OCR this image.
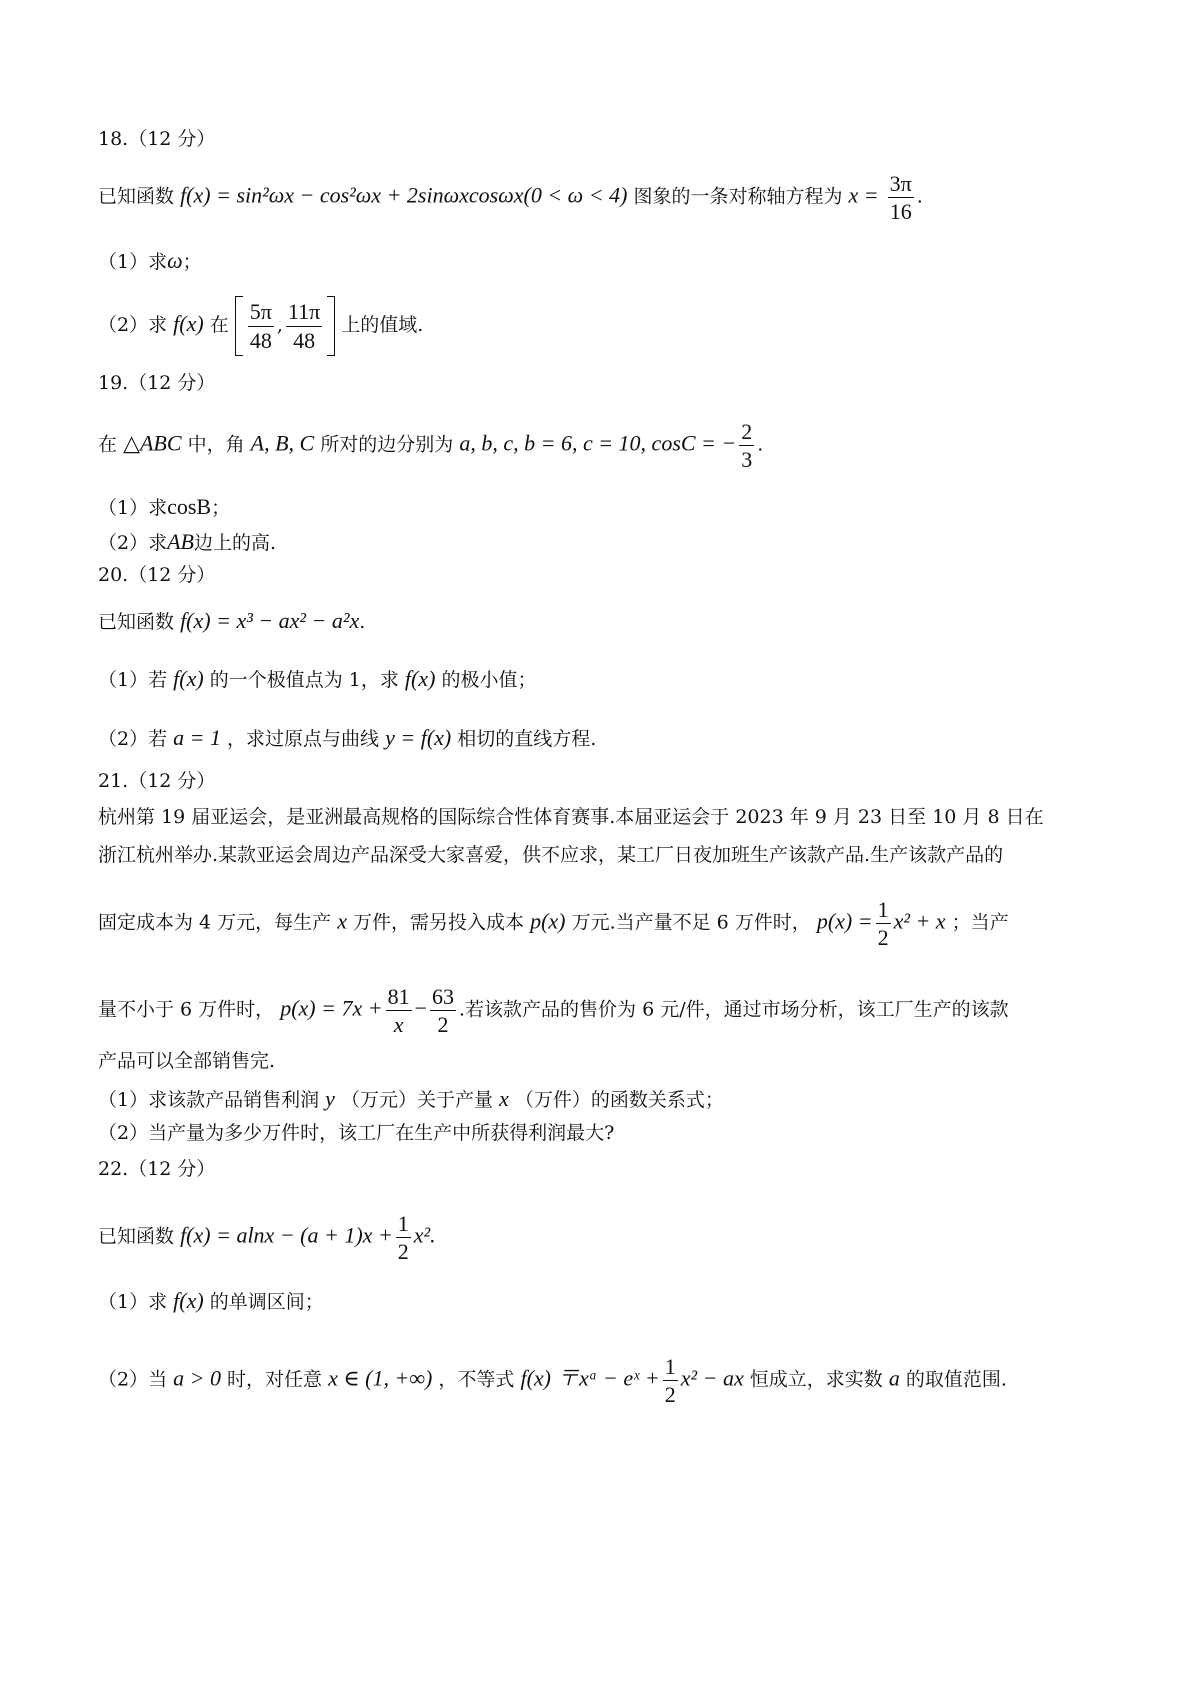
18.（12 分）
已知函数 f(x) = sin²ωx − cos²ωx + 2sinωxcosωx(0 < ω < 4) 图象的一条对称轴方程为 $x = \frac{3\pi}{16}$ .
（1）求ω；
（2）求 f(x) 在 $\frac{5\pi}{48}$ , $\frac{11\pi}{48}$ 上的值域.
19.（12 分）
在 △ABC 中，角 A, B, C 所对的边分别为 a, b, c, b = 6, c = 10, cosC = − $\frac{2}{3}$ .
（1）求cosB；
（2）求AB边上的高.
20.（12 分）
已知函数 f(x) = x³ − ax² − a²x.
（1）若 f(x) 的一个极值点为 1，求 f(x) 的极小值；
（2）若 a = 1 ，求过原点与曲线 y = f(x) 相切的直线方程.
21.（12 分）
杭州第 19 届亚运会，是亚洲最高规格的国际综合性体育赛事.本届亚运会于 2023 年 9 月 23 日至 10 月 8 日在
浙江杭州举办.某款亚运会周边产品深受大家喜爱，供不应求，某工厂日夜加班生产该款产品.生产该款产品的
固定成本为 4 万元，每生产 x 万件，需另投入成本 p(x) 万元.当产量不足 6 万件时， $p(x) = \frac{1}{2} x^2 + x$ ；当产
量不小于 6 万件时， $p(x) = 7x + \frac{81}{x} - \frac{63}{2}$ .若该款产品的售价为 6 元/件，通过市场分析，该工厂生产的该款
产品可以全部销售完.
（1）求该款产品销售利润 y （万元）关于产量 x （万件）的函数关系式；
（2）当产量为多少万件时，该工厂在生产中所获得利润最大?
22.（12 分）
已知函数 $f(x) = alnx - (a + 1)x + \frac{1}{2} x^2$.
（1）求 f(x) 的单调区间；
（2）当 a > 0 时，对任意 x ∈ (1, +∞) ，不等式 f(x) 〒xᵃ − eˣ + $\frac{1}{2} x^2$ − ax 恒成立，求实数 a 的取值范围.
